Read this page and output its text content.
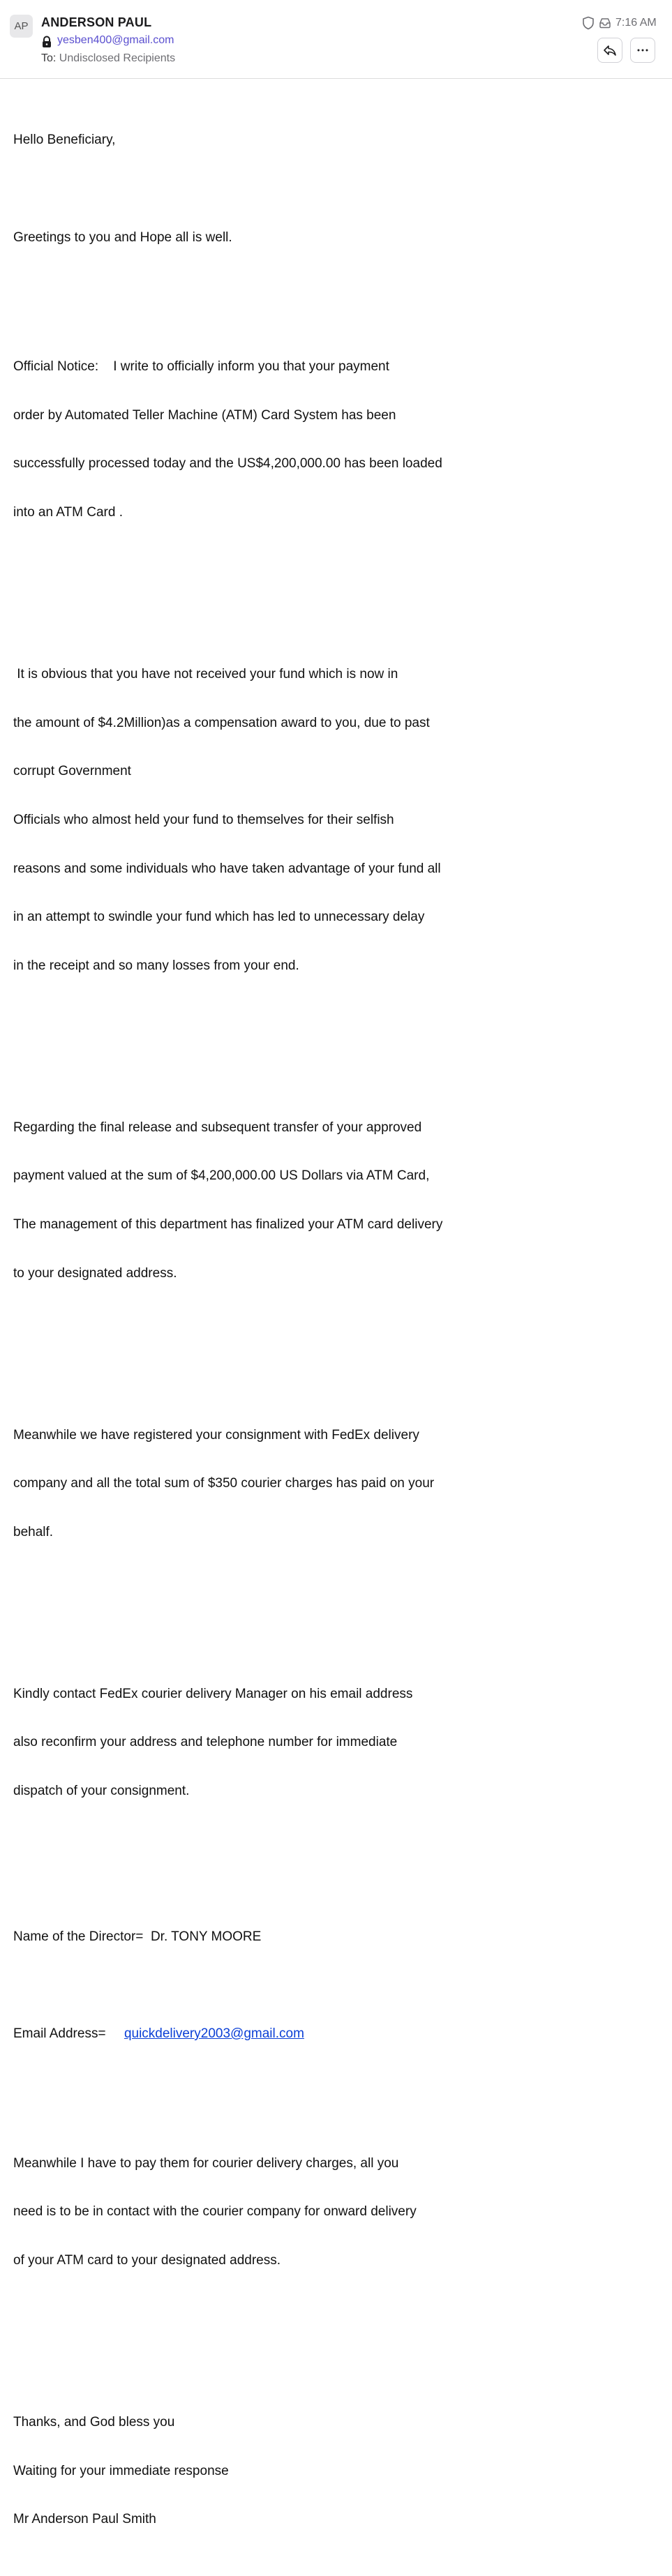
AP ANDERSON PAUL
yesben400@gmail.com
To: Undisclosed Recipients
7:16 AM

Hello Beneficiary,

Greetings to you and Hope all is well.

Official Notice:    I write to officially inform you that your payment

order by Automated Teller Machine (ATM) Card System has been

successfully processed today and the US$4,200,000.00 has been loaded

into an ATM Card .

It is obvious that you have not received your fund which is now in

the amount of $4.2Million)as a compensation award to you, due to past

corrupt Government

Officials who almost held your fund to themselves for their selfish

reasons and some individuals who have taken advantage of your fund all

in an attempt to swindle your fund which has led to unnecessary delay

in the receipt and so many losses from your end.

Regarding the final release and subsequent transfer of your approved

payment valued at the sum of $4,200,000.00 US Dollars via ATM Card,

The management of this department has finalized your ATM card delivery

to your designated address.

Meanwhile we have registered your consignment with FedEx delivery

company and all the total sum of $350 courier charges has paid on your

behalf.

Kindly contact FedEx courier delivery Manager on his email address

also reconfirm your address and telephone number for immediate

dispatch of your consignment.

Name of the Director=  Dr. TONY MOORE

Email Address=     quickdelivery2003@gmail.com

Meanwhile I have to pay them for courier delivery charges, all you

need is to be in contact with the courier company for onward delivery

of your ATM card to your designated address.

Thanks, and God bless you

Waiting for your immediate response

Mr Anderson Paul Smith
